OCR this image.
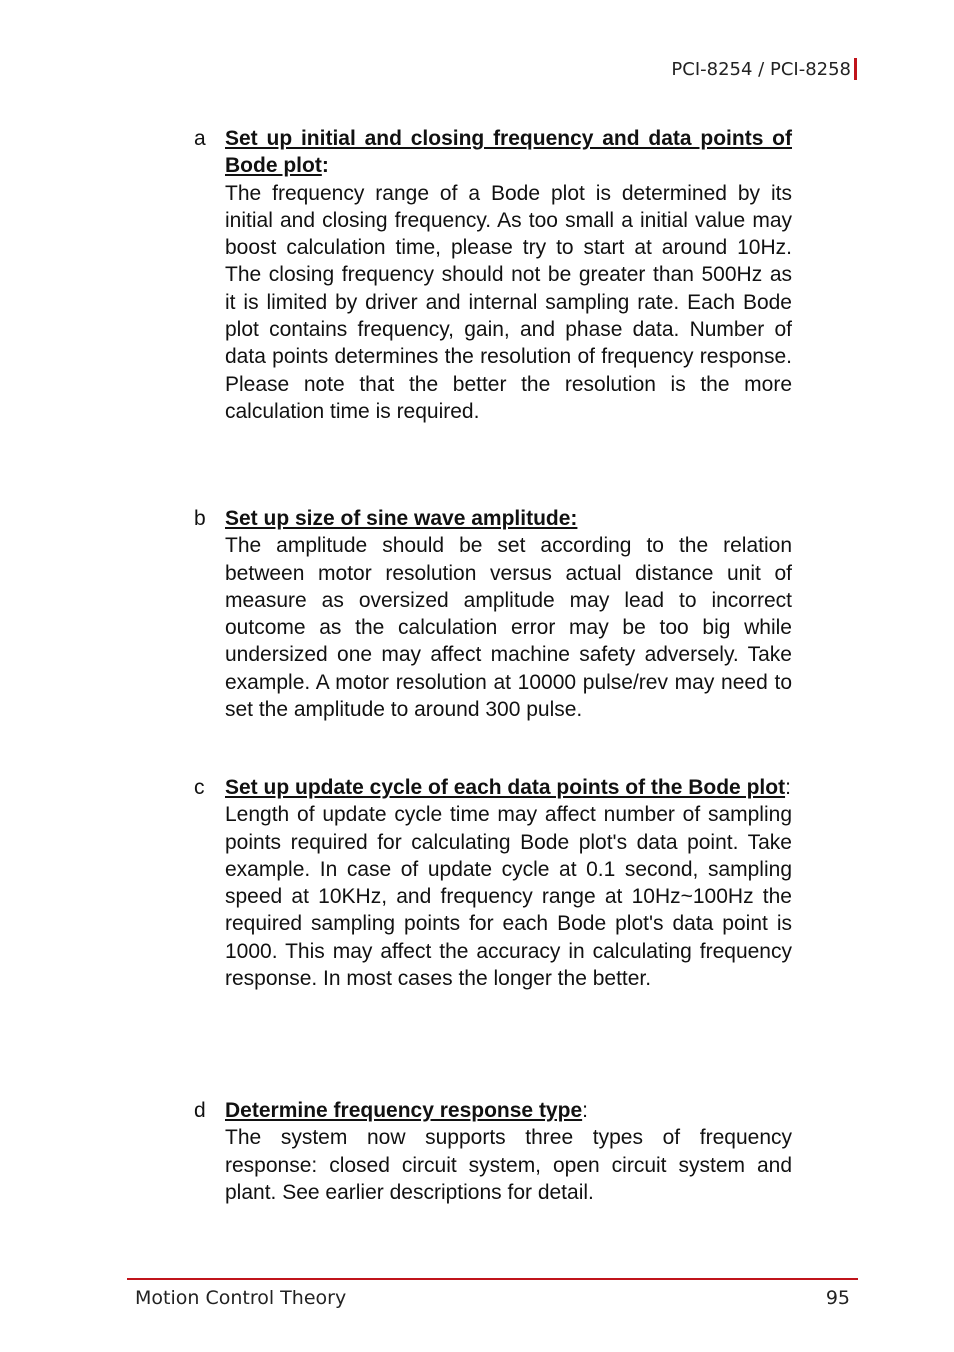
PCI-8254 / PCI-8258
a Set up initial and closing frequency and data points of Bode plot:
The frequency range of a Bode plot is determined by its initial and closing frequency. As too small a initial value may boost calculation time, please try to start at around 10Hz. The closing frequency should not be greater than 500Hz as it is limited by driver and internal sampling rate. Each Bode plot contains frequency, gain, and phase data. Number of data points determines the resolution of frequency response. Please note that the better the resolution is the more calculation time is required.
b Set up size of sine wave amplitude:
The amplitude should be set according to the relation between motor resolution versus actual distance unit of measure as oversized amplitude may lead to incorrect outcome as the calculation error may be too big while undersized one may affect machine safety adversely. Take example. A motor resolution at 10000 pulse/rev may need to set the amplitude to around 300 pulse.
c Set up update cycle of each data points of the Bode plot:
Length of update cycle time may affect number of sampling points required for calculating Bode plot's data point. Take example. In case of update cycle at 0.1 second, sampling speed at 10KHz, and frequency range at 10Hz~100Hz the required sampling points for each Bode plot's data point is 1000. This may affect the accuracy in calculating frequency response. In most cases the longer the better.
d Determine frequency response type:
The system now supports three types of frequency response: closed circuit system, open circuit system and plant. See earlier descriptions for detail.
Motion Control Theory	95
